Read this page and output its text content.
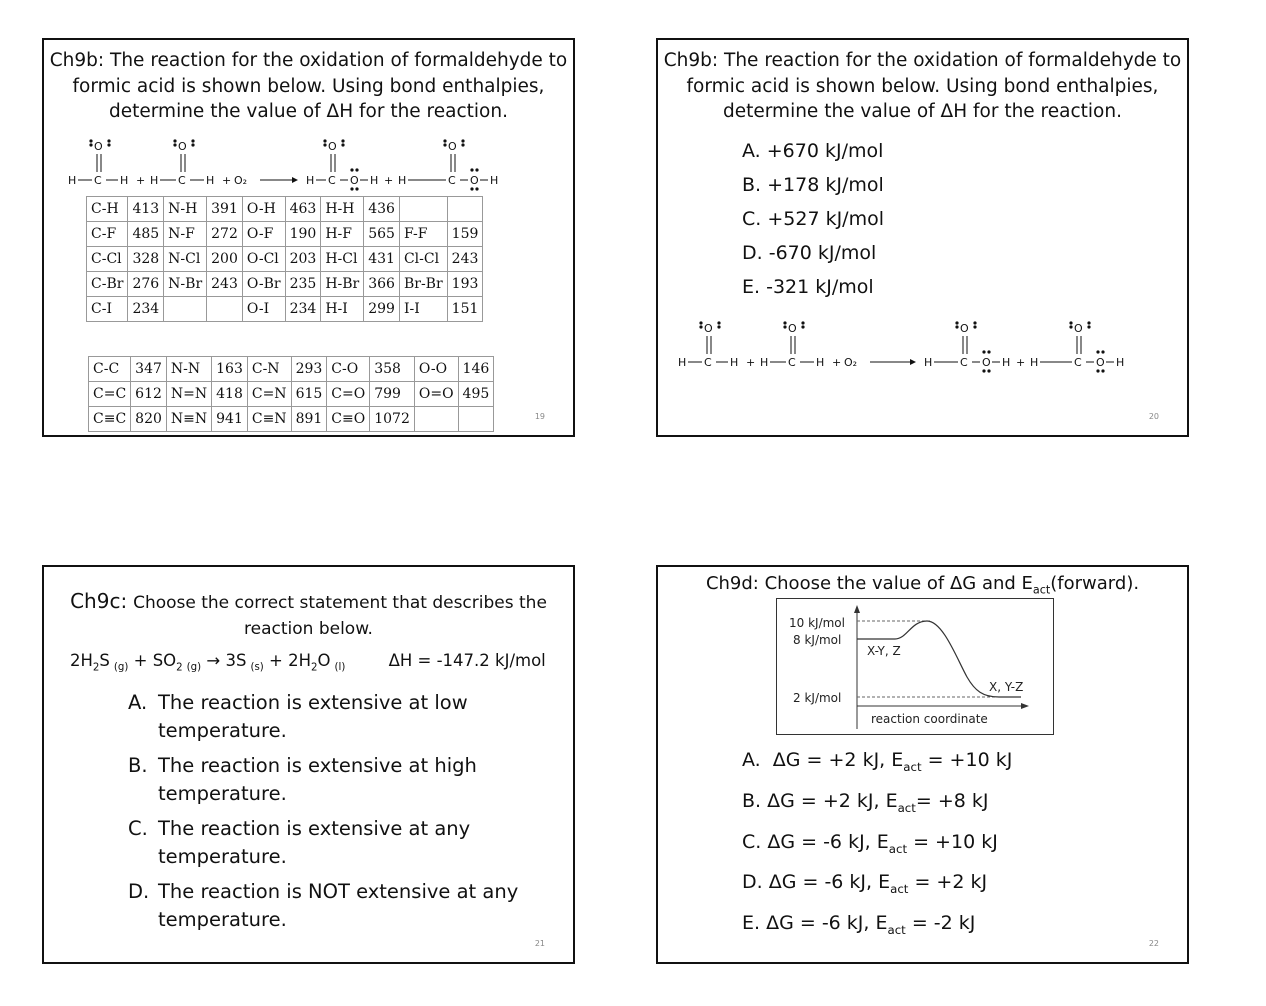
Ch9b: The reaction for the oxidation of formaldehyde to
formic acid is shown below. Using bond enthalpies,
determine the value of ΔH for the reaction.
H C H
O
+ H C H
O
+ O₂	H C O H
O
+ H	C O H
O
C-H	413	N-H	391	O-H	463	H-H	436		
C-F	485	N-F	272	O-F	190	H-F	565	F-F	159
C-Cl	328	N-Cl	200	O-Cl	203	H-Cl	431	Cl-Cl	243
C-Br	276	N-Br	243	O-Br	235	H-Br	366	Br-Br	193
C-I	234			O-I	234	H-I	299	I-I	151
C-C	347	N-N	163	C-N	293	C-O	358	O-O	146
C=C	612	N=N	418	C=N	615	C=O	799	O=O	495
C≡C	820	N≡N	941	C≡N	891	C≡O	1072			19
Ch9b: The reaction for the oxidation of formaldehyde to
formic acid is shown below. Using bond enthalpies,
determine the value of ΔH for the reaction.
A. +670 kJ/mol
B. +178 kJ/mol
C. +527 kJ/mol
D. -670 kJ/mol
E. -321 kJ/mol
H C H
O
+ H C H
O
+ O₂	H	C O H
O
+ H	C O H
O
20
Ch9c: Choose the correct statement that describes the
reaction below.
$2H_2S$ $_{(g)} + SO_2$ $_{(g)}$ → 3S $_{(s)} + 2H_2O$ $_{(l)}$	ΔH = -147.2 kJ/mol
A. The reaction is extensive at low
temperature.
B. The reaction is extensive at high
temperature.
C. The reaction is extensive at any
temperature.
D. The reaction is NOT extensive at any
temperature.
21
Ch9d: Choose the value of ΔG and $E_{act}(forward)$.
10 kJ/mol
8 kJ/mol
2 kJ/mol
X-Y, Z
X, Y-Z
reaction coordinate
A. ΔG = +2 kJ, $E_{act} = +10$ kJ
B. ΔG = +2 kJ, $E_{act}= +8$ kJ
C. ΔG = -6 kJ, $E_{act} = +10$ kJ
D. ΔG = -6 kJ, $E_{act} = +2$ kJ
E. ΔG = -6 kJ, $E_{act} = -2$ kJ
22
